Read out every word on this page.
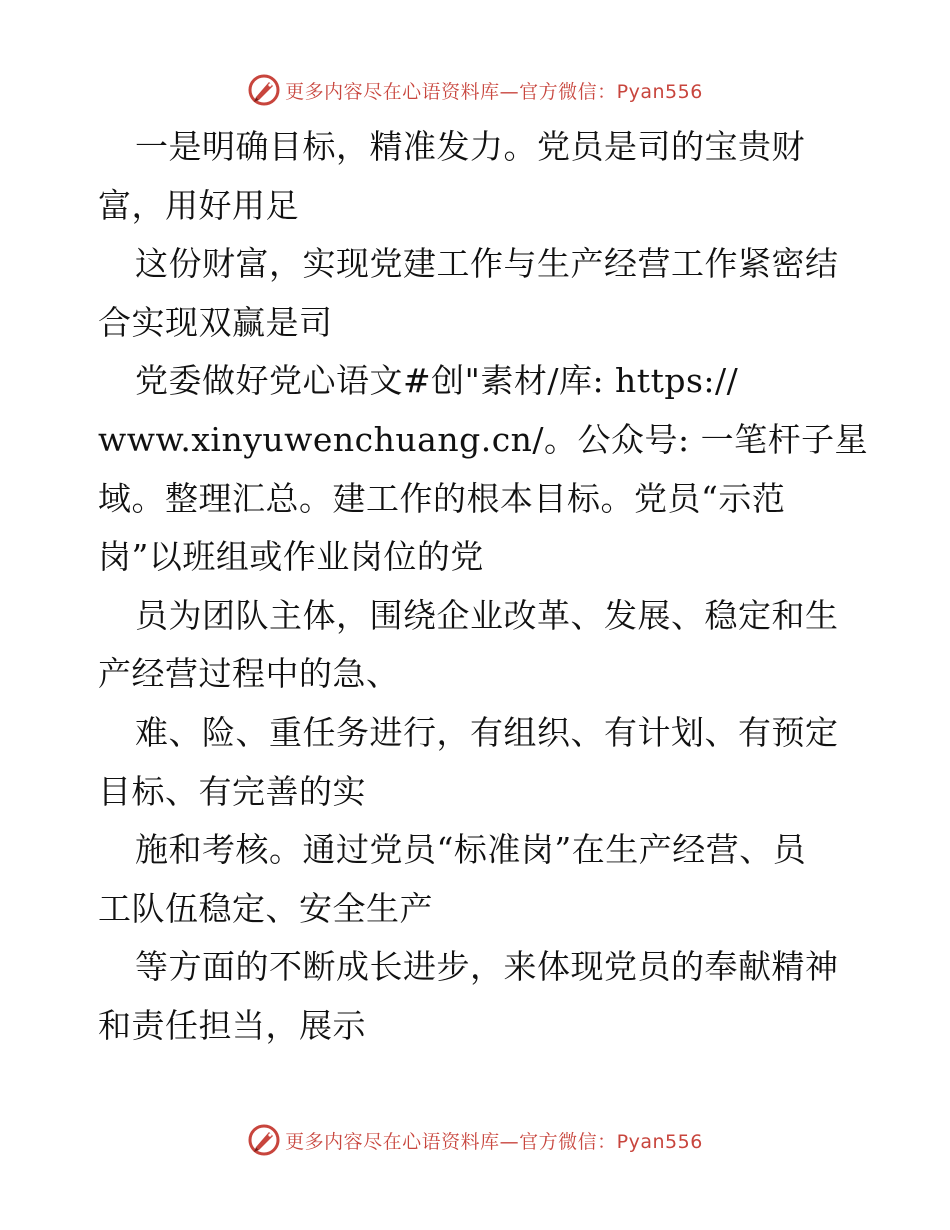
更多内容尽在心语资料库—官方微信：Pyan556
一是明确目标，精准发力。党员是司的宝贵财
富，用好用足
这份财富，实现党建工作与生产经营工作紧密结
合实现双赢是司
党委做好党心语文#创"素材/库: https://
www.xinyuwenchuang.cn/。公众号: 一笔杆子星
域。整理汇总。建工作的根本目标。党员“示范
岗”以班组或作业岗位的党
员为团队主体，围绕企业改革、发展、稳定和生
产经营过程中的急、
难、险、重任务进行，有组织、有计划、有预定
目标、有完善的实
施和考核。通过党员“标准岗”在生产经营、员
工队伍稳定、安全生产
等方面的不断成长进步，来体现党员的奉献精神
和责任担当，展示
更多内容尽在心语资料库—官方微信：Pyan556
